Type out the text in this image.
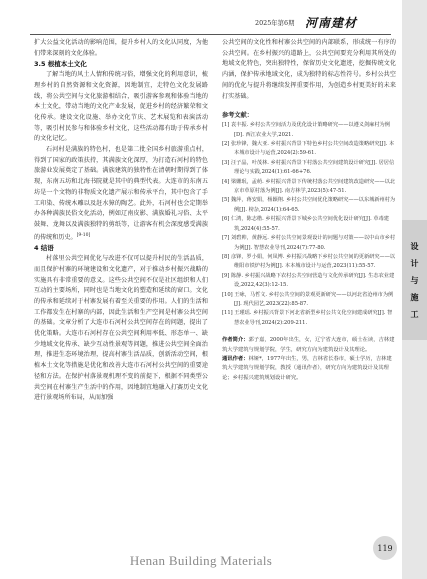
2025年第6期 河南建材
设
计
与
施
工

扩大公益文化活动的影响范围，提升乡村人的文化认同度，为他们带来深刻的文化体验。

3.5 根植本土文化

了解当地的风土人情和传统习俗，增强文化的利用意识，梳理乡村的自然资源和文化资源，因地制宜，走特色文化发展路线，将公共空间与文化旅游相结合，吸引游客参观和体验当地的本土文化，带动当地的文化产业发展，促进乡村的经济繁荣和文化传承。建设文化设施、举办文化节庆、艺术展览和表演活动等，吸引村民参与和体验乡村文化，这些活动都有助于传承乡村的文化记忆。

石河村是满族的特色村，也是第二批全国乡村旅游重点村，得到了国家的政策扶持，其满族文化深厚，为打造石河村的特色旅游业发展奠定了基础。满族建筑的独特性在清朝时期得到了体现，东南五坊和北海书院就是其中的典型代表。大连市的东南五坊是一个文物的非物质文化遗产展示和传承平台，其中包含了手工印染、传统木雕以及赶水獐的陶艺。此外，石河村也会定期举办各种满族民俗文化活动，例如辽南皮影、满族婚礼习俗、太平鼓舞、龙舞以及满族独特的剪纸等，让游客有机会深度感受满族的传统和历史。[9-10]

4 结语

村落里公共空间优化与改进不仅可以提升村民的生活品质，而且保护村寨的环境建设和文化遗产，对于推动乡村振兴战略的实施具有非常重要的意义。这些公共空间不仅是社区组织和人们互动的主要场所，同时也是当地文化的塑造和延续的窗口。文化的传承和延续对于村寨发展有着至关重要的作用。人们的生活和工作都发生在村寨的内部，因此生活和生产空间是村寨公共空间的基础。文章分析了大连市石河村公共空间存在的问题，提出了优化策略。大连市石河村存在公共空间利用率低、形态单一、缺少地域文化传承、缺少互动性景观等问题，推进公共空间全面治理，推进生态环境治理，提高村寨生活品质，创新活动空间，根植本土文化等措施是优化和改善大连市石河村公共空间的重要途径和方法。在保护村落景观机理不变的前提下，根据不同类型公共空间在村寨生产生活中的作用，因地制宜地融入打赛历史文化进行景观场所布局，从而加强

公共空间的文化性和村寨公共空间的内部联系，形成统一有序的公共空间。在乡村振兴的道路上，公共空间要充分利用其所处的地域文化特色，突出独特性，保留历史文化遗迹，挖掘传统文化内涵，保护传承地域文化，成为独特的标志性符号。乡村公共空间的优化与提升将继续发挥重要作用，为创造乡村更美好的未来打实基础。

参考文献：
[1] 袁丰振. 乡村公共空间活力及优化设计策略研究——以遵义剑麻村为例[D]. 西江农业大学,2021.
[2] 张珍锋，魏大亚. 乡村振兴背景下特色乡村公共空间改造策略研究[J]. 本本城市设计与运营,2024(2):59-61.
[3] 汪子晶，叶茂林. 乡村振兴背景下村落公共空间建筑设计研究[J]. 居居信理论与实践,2024(1):61-66+76.
[4] 梁姗珉，孟萌. 乡村振兴背景下传统村落公共空间建筑改造研究——以北京市草原村落为例[J]. 南方林学,2023(5):47-51.
[5] 魏萍，蒋安娟，杨颖翔. 乡村公共空间优化策略研究——以东城新州村为例[J]. 榜杂,2024(1):64-65.
[6] 仁鸿，陈志楷. 乡村振兴背景下城乡公共空间优化设计研究[J]. 草毒建筑,2024(4):55-57.
[7] 刘碧帅，黄静远. 乡村公共空间景观设计的问题与对策——以中山市乡村为例[J]. 智慧农业导刊,2024(7):77-80.
[8] 彦锋，罗小娟，何凤博. 乡村振兴战略下乡村公共空间的更新研究——以维阳市铁炉村为例[J]. 本本城市设计与运营,2023(11):55-57.
[9] 陈静. 乡村振兴战略下农村公共空间营造与文化传承研究[J]. 生态农业建设,2022,42(3):12-15.
[10] 王咏，马哲文. 乡村公共空间的景观更新研究——以河北省沧州市为例[J]. 现代园艺,2023(22):85-87.
[11] 王瑾瑶. 乡村振兴背景下河北省新型乡村公共文化空间建成研究[J]. 智慧农业导刊,2024(2):209-211.
作者简介：郭子嘉，2000年出生，女，辽宁省大连市，硕士在读，吉林建筑大学建筑与规划学院，学生，研究方向为建筑设计及其理论。
通讯作者：林娅*，1977年出生，男，吉林省长春市，硕士学历，吉林建筑大学建筑与规划学院，教授（通讯作者），研究方向为建筑设计及其理论；乡村振兴建筑规划设计研究。
119
Henan Building Materials
